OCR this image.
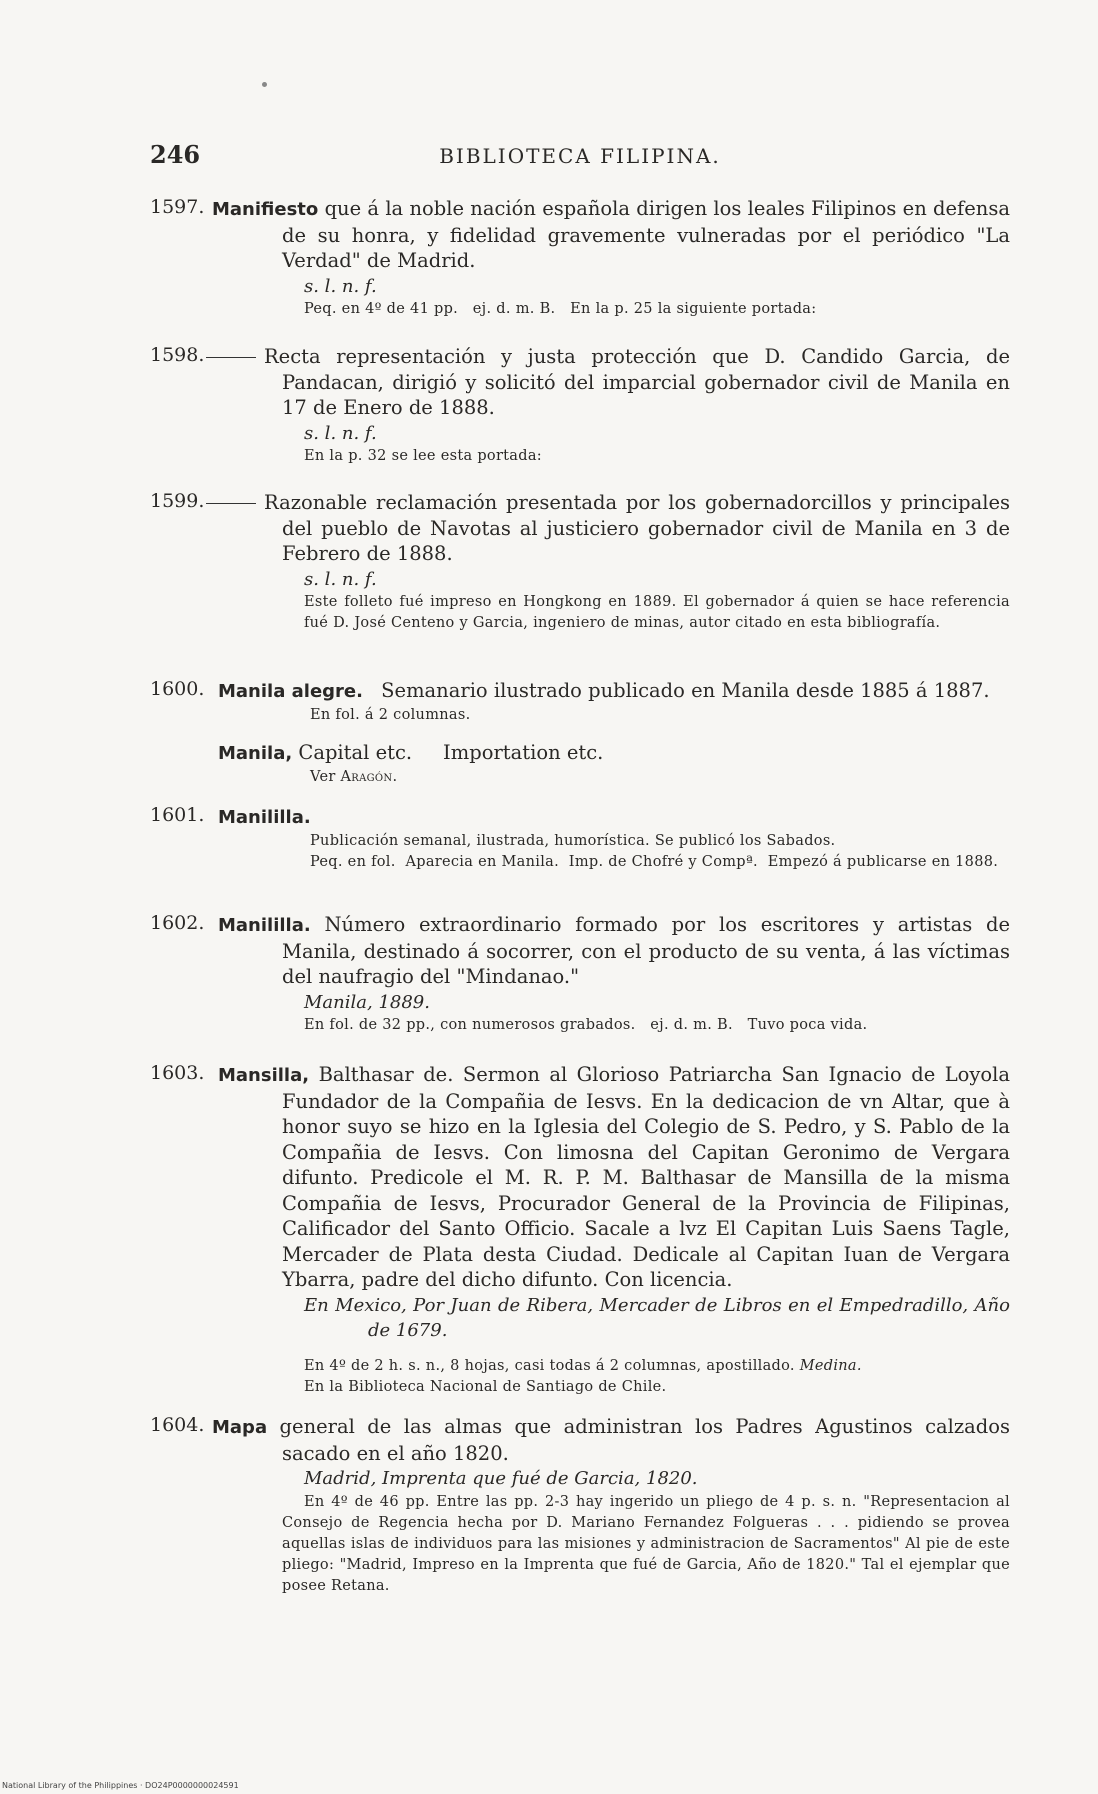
246	BIBLIOTECA FILIPINA.
1597. Manifiesto que á la noble nación española dirigen los leales Filipinos en defensa de su honra, y fidelidad gravemente vulneradas por el periódico "La Verdad" de Madrid.
s. l. n. f.
Peq. en 4º de 41 pp.   ej. d. m. B.   En la p. 25 la siguiente portada:
1598.	Recta representación y justa protección que D. Candido Garcia, de Pandacan, dirigió y solicitó del imparcial gobernador civil de Manila en 17 de Enero de 1888.
s. l. n. f.
En la p. 32 se lee esta portada:
1599.	Razonable reclamación presentada por los gobernadorcillos y principales del pueblo de Navotas al justiciero gobernador civil de Manila en 3 de Febrero de 1888.
s. l. n. f.
Este folleto fué impreso en Hongkong en 1889. El gobernador á quien se hace referencia fué D. José Centeno y Garcia, ingeniero de minas, autor citado en esta bibliografía.
1600. Manila alegre. Semanario ilustrado publicado en Manila desde 1885 á 1887.
En fol. á 2 columnas.
Manila, Capital etc.     Importation etc.
Ver Aragón.
1601. Manililla.
Publicación semanal, ilustrada, humorística. Se publicó los Sabados.
Peq. en fol.  Aparecia en Manila.  Imp. de Chofré y Compª.  Empezó á publicarse en 1888.
1602. Manililla. Número extraordinario formado por los escritores y artistas de Manila, destinado á socorrer, con el producto de su venta, á las víctimas del naufragio del "Mindanao."
Manila, 1889.
En fol. de 32 pp., con numerosos grabados.   ej. d. m. B.   Tuvo poca vida.
1603. Mansilla, Balthasar de. Sermon al Glorioso Patriarcha San Ignacio de Loyola Fundador de la Compañia de Iesvs. En la dedicacion de vn Altar, que à honor suyo se hizo en la Iglesia del Colegio de S. Pedro, y S. Pablo de la Compañia de Iesvs. Con limosna del Capitan Geronimo de Vergara difunto. Predicole el M. R. P. M. Balthasar de Mansilla de la misma Compañia de Iesvs, Procurador General de la Provincia de Filipinas, Calificador del Santo Officio. Sacale a lvz El Capitan Luis Saens Tagle, Mercader de Plata desta Ciudad. Dedicale al Capitan Iuan de Vergara Ybarra, padre del dicho difunto. Con licencia.
En Mexico, Por Juan de Ribera, Mercader de Libros en el Empedradillo, Año de 1679.
En 4º de 2 h. s. n., 8 hojas, casi todas á 2 columnas, apostillado. Medina.
En la Biblioteca Nacional de Santiago de Chile.
1604. Mapa general de las almas que administran los Padres Agustinos calzados sacado en el año 1820.
Madrid, Imprenta que fué de Garcia, 1820.
En 4º de 46 pp. Entre las pp. 2-3 hay ingerido un pliego de 4 p. s. n. "Representacion al Consejo de Regencia hecha por D. Mariano Fernandez Folgueras . . . pidiendo se provea aquellas islas de individuos para las misiones y administracion de Sacramentos" Al pie de este pliego: "Madrid, Impreso en la Imprenta que fué de Garcia, Año de 1820." Tal el ejemplar que posee Retana.
National Library of the Philippines · DO24P0000000024591
